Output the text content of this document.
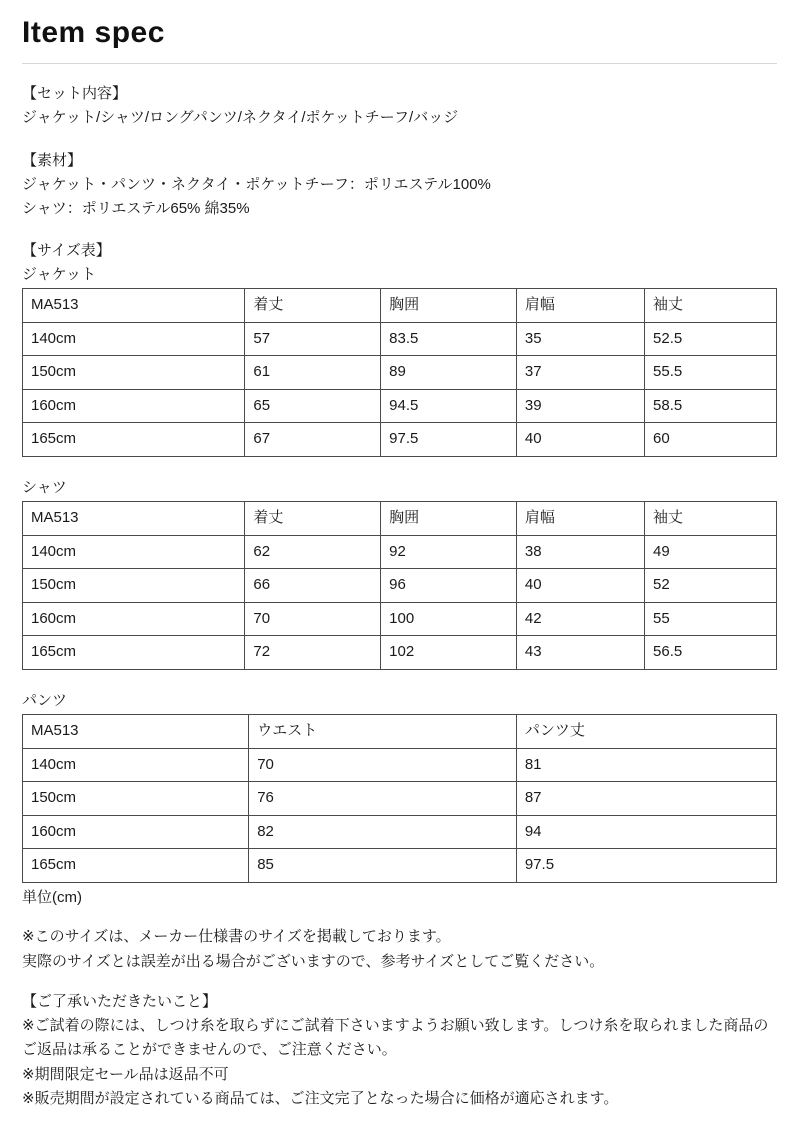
Item spec

【セット内容】

ジャケット/シャツ/ロングパンツ/ネクタイ/ポケットチーフ/バッジ

【素材】

ジャケット・パンツ・ネクタイ・ポケットチーフ：ポリエステル100%

シャツ：ポリエステル65% 綿35%

【サイズ表】

ジャケット

MA513	着丈	胸囲	肩幅	袖丈
140cm	57	83.5	35	52.5
150cm	61	89	37	55.5
160cm	65	94.5	39	58.5
165cm	67	97.5	40	60

シャツ

MA513	着丈	胸囲	肩幅	袖丈
140cm	62	92	38	49
150cm	66	96	40	52
160cm	70	100	42	55
165cm	72	102	43	56.5

パンツ

MA513	ウエスト	パンツ丈
140cm	70	81
150cm	76	87
160cm	82	94
165cm	85	97.5

単位(cm)

※このサイズは、メーカー仕様書のサイズを掲載しております。

実際のサイズとは誤差が出る場合がございますので、参考サイズとしてご覧ください。

【ご了承いただきたいこと】

※ご試着の際には、しつけ糸を取らずにご試着下さいますようお願い致します。しつけ糸を取られました商品のご返品は承ることができませんので、ご注意ください。

※期間限定セール品は返品不可

※販売期間が設定されている商品ては、ご注文完了となった場合に価格が適応されます。
